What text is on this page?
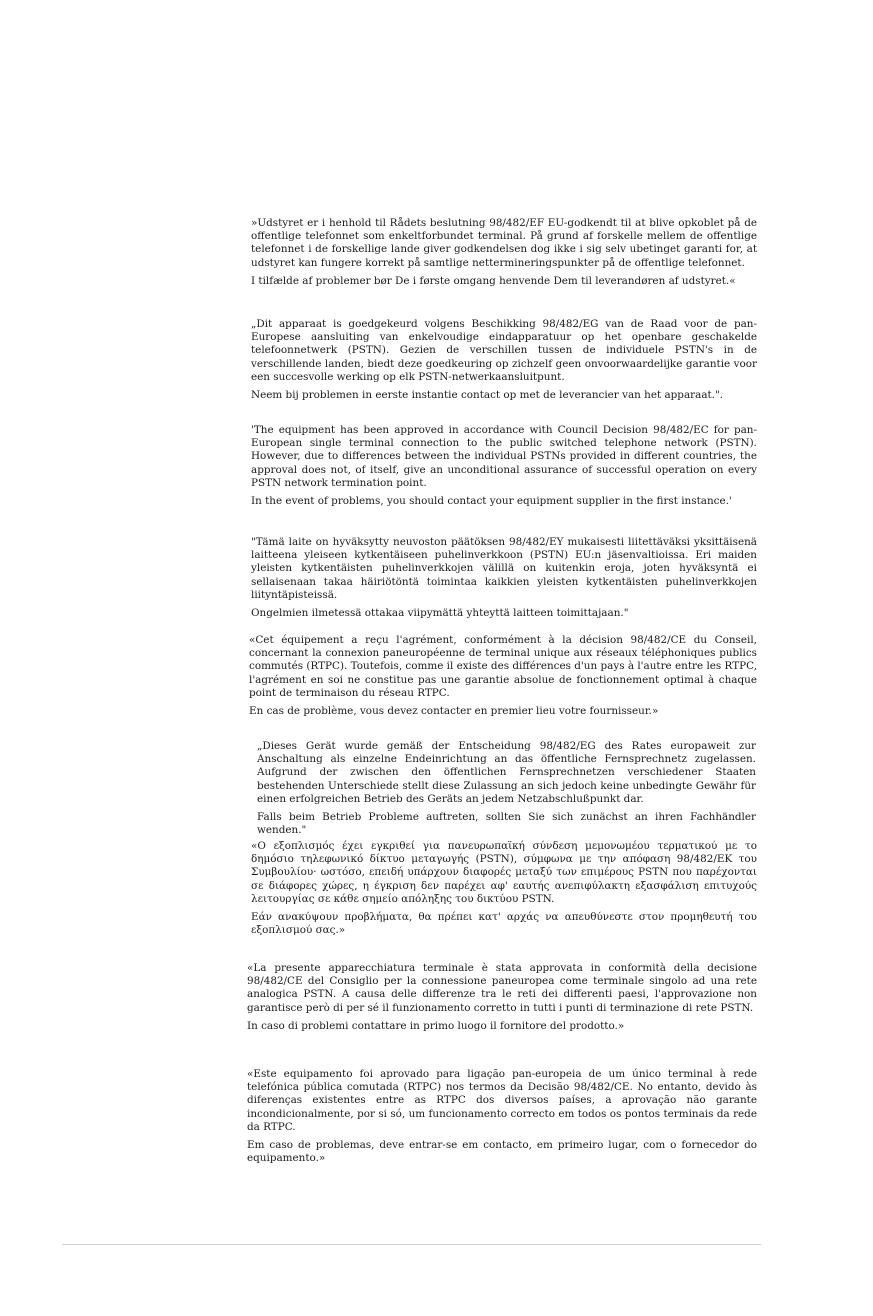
»Udstyret er i henhold til Rådets beslutning 98/482/EF EU-godkendt til at blive opkoblet på de offentlige telefonnet som enkeltforbundet terminal. På grund af forskelle mellem de offentlige telefonnet i de forskellige lande giver godkendelsen dog ikke i sig selv ubetinget garanti for, at udstyret kan fungere korrekt på samtlige nettermineringspunkter på de offentlige telefonnet.

I tilfælde af problemer bør De i første omgang henvende Dem til leverandøren af udstyret.«

„Dit apparaat is goedgekeurd volgens Beschikking 98/482/EG van de Raad voor de pan-Europese aansluiting van enkelvoudige eindapparatuur op het openbare geschakelde telefoonnetwerk (PSTN). Gezien de verschillen tussen de individuele PSTN's in de verschillende landen, biedt deze goedkeuring op zichzelf geen onvoorwaardelijke garantie voor een succesvolle werking op elk PSTN-netwerkaansluitpunt.

Neem bij problemen in eerste instantie contact op met de leverancier van het apparaat.".

'The equipment has been approved in accordance with Council Decision 98/482/EC for pan-European single terminal connection to the public switched telephone network (PSTN). However, due to differences between the individual PSTNs provided in different countries, the approval does not, of itself, give an unconditional assurance of successful operation on every PSTN network termination point.

In the event of problems, you should contact your equipment supplier in the first instance.'

"Tämä laite on hyväksytty neuvoston päätöksen 98/482/EY mukaisesti liitettäväksi yksittäisenä laitteena yleiseen kytkentäiseen puhelinverkkoon (PSTN) EU:n jäsenvaltioissa. Eri maiden yleisten kytkentäisten puhelinverkkojen välillä on kuitenkin eroja, joten hyväksyntä ei sellaisenaan takaa häiriötöntä toimintaa kaikkien yleisten kytkentäisten puhelinverkkojen liityntäpisteissä.

Ongelmien ilmetessä ottakaa viipymättä yhteyttä laitteen toimittajaan."

«Cet équipement a reçu l'agrément, conformément à la décision 98/482/CE du Conseil, concernant la connexion paneuropéenne de terminal unique aux réseaux téléphoniques publics commutés (RTPC). Toutefois, comme il existe des différences d'un pays à l'autre entre les RTPC, l'agrément en soi ne constitue pas une garantie absolue de fonctionnement optimal à chaque point de terminaison du réseau RTPC.

En cas de problème, vous devez contacter en premier lieu votre fournisseur.»

„Dieses Gerät wurde gemäß der Entscheidung 98/482/EG des Rates europaweit zur Anschaltung als einzelne Endeinrichtung an das öffentliche Fernsprechnetz zugelassen. Aufgrund der zwischen den öffentlichen Fernsprechnetzen verschiedener Staaten bestehenden Unterschiede stellt diese Zulassung an sich jedoch keine unbedingte Gewähr für einen erfolgreichen Betrieb des Geräts an jedem Netzabschlußpunkt dar.

Falls beim Betrieb Probleme auftreten, sollten Sie sich zunächst an ihren Fachhändler wenden."

«Ο εξοπλισμός έχει εγκριθεί για πανευρωπαϊκή σύνδεση μεμονωμέου τερματικού με το δημόσιο τηλεφωνικό δίκτυο μεταγωγής (PSTN), σύμφωνα με την απόφαση 98/482/ΕΚ του Συμβουλίου· ωστόσο, επειδή υπάρχουν διαφορές μεταξύ των επιμέρους PSTN που παρέχονται σε διάφορες χώρες, η έγκριση δεν παρέχει αφ' εαυτής ανεπιφύλακτη εξασφάλιση επιτυχούς λειτουργίας σε κάθε σημείο απόληξης του δικτύου PSTN.

Εάν ανακύψουν προβλήματα, θα πρέπει κατ' αρχάς να απευθύνεστε στον προμηθευτή του εξοπλισμού σας.»

«La presente apparecchiatura terminale è stata approvata in conformità della decisione 98/482/CE del Consiglio per la connessione paneuropea come terminale singolo ad una rete analogica PSTN. A causa delle differenze tra le reti dei differenti paesi, l'approvazione non garantisce però di per sé il funzionamento corretto in tutti i punti di terminazione di rete PSTN.

In caso di problemi contattare in primo luogo il fornitore del prodotto.»

«Este equipamento foi aprovado para ligação pan-europeia de um único terminal à rede telefónica pública comutada (RTPC) nos termos da Decisão 98/482/CE. No entanto, devido às diferenças existentes entre as RTPC dos diversos países, a aprovação não garante incondicionalmente, por si só, um funcionamento correcto em todos os pontos terminais da rede da RTPC.

Em caso de problemas, deve entrar-se em contacto, em primeiro lugar, com o fornecedor do equipamento.»
